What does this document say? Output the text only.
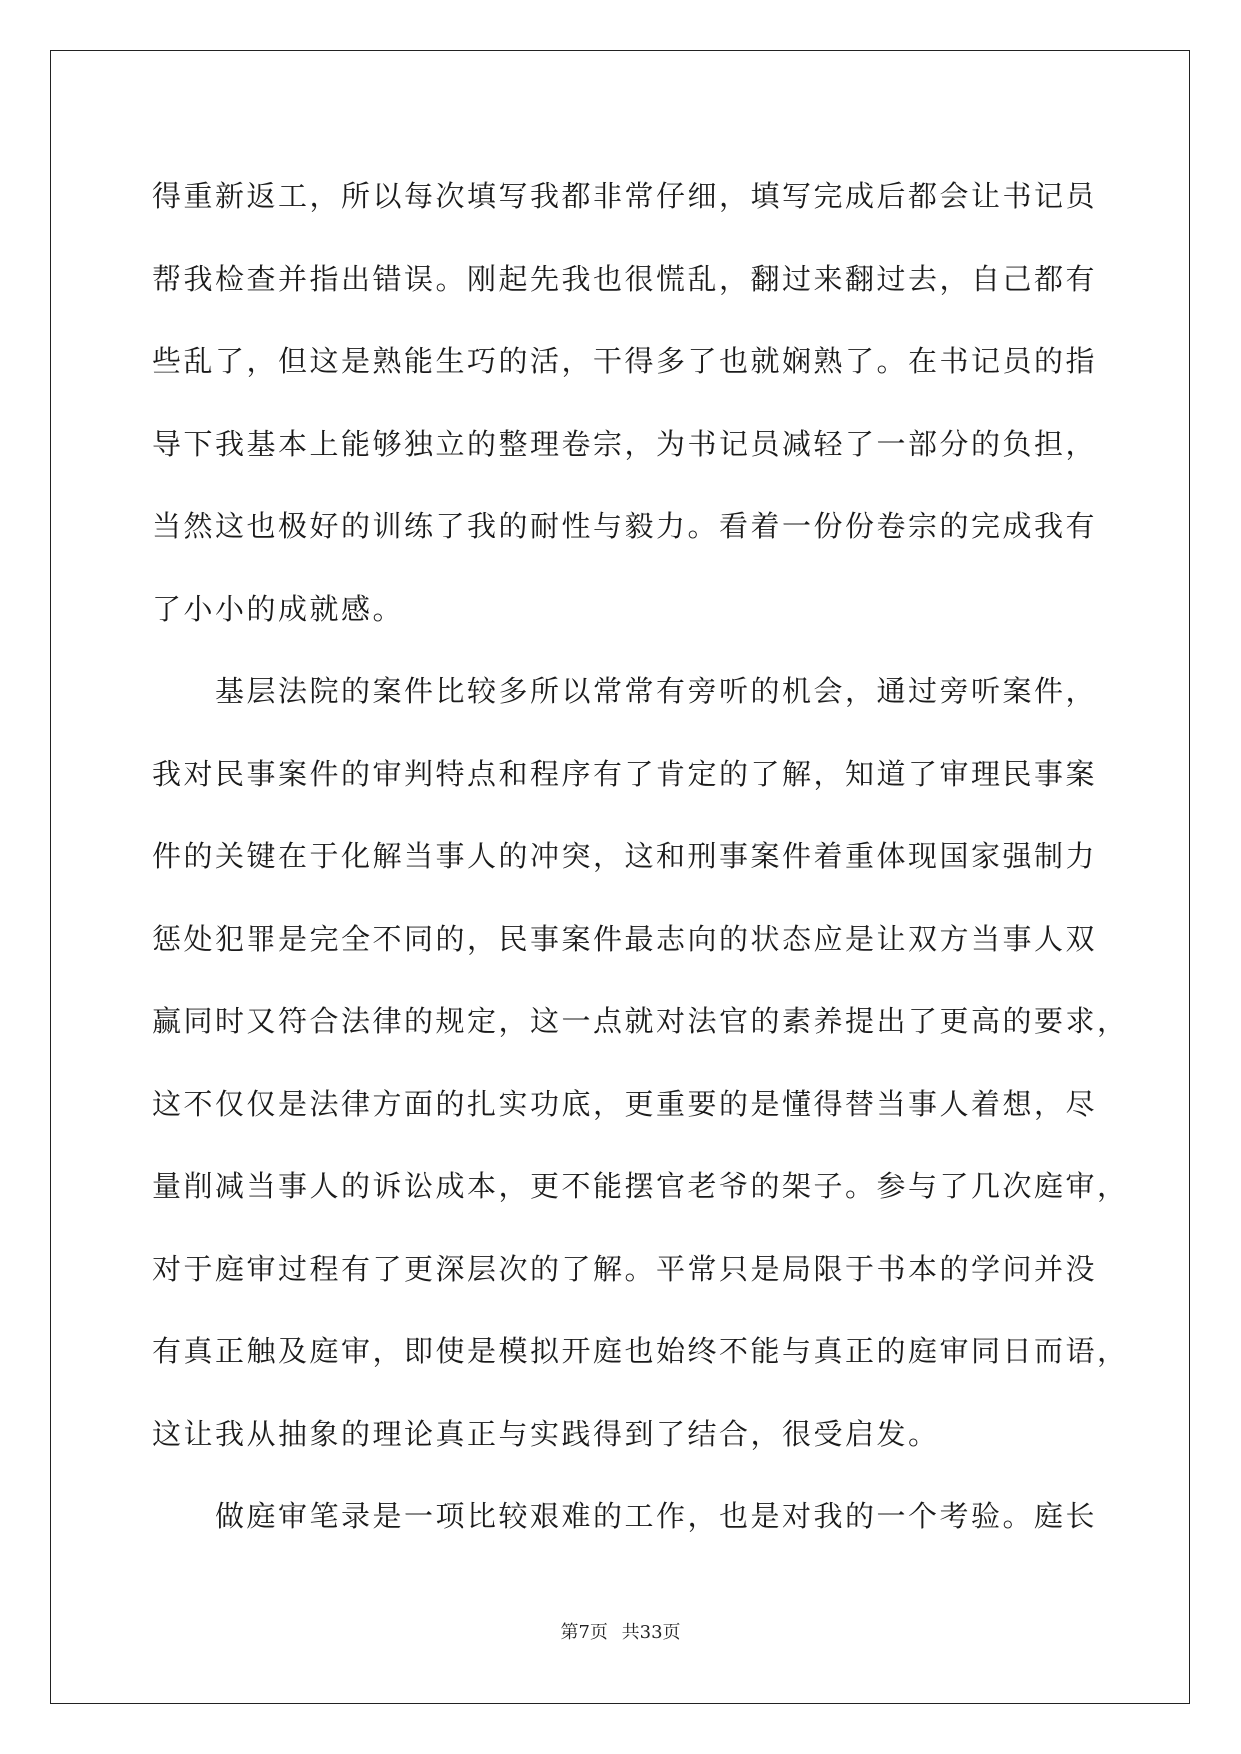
得重新返工，所以每次填写我都非常仔细，填写完成后都会让书记员
帮我检查并指出错误。刚起先我也很慌乱，翻过来翻过去，自己都有
些乱了，但这是熟能生巧的活，干得多了也就娴熟了。在书记员的指
导下我基本上能够独立的整理卷宗，为书记员减轻了一部分的负担，
当然这也极好的训练了我的耐性与毅力。看着一份份卷宗的完成我有
了小小的成就感。

基层法院的案件比较多所以常常有旁听的机会，通过旁听案件，
我对民事案件的审判特点和程序有了肯定的了解，知道了审理民事案
件的关键在于化解当事人的冲突，这和刑事案件着重体现国家强制力
惩处犯罪是完全不同的，民事案件最志向的状态应是让双方当事人双
赢同时又符合法律的规定，这一点就对法官的素养提出了更高的要求，
这不仅仅是法律方面的扎实功底，更重要的是懂得替当事人着想，尽
量削减当事人的诉讼成本，更不能摆官老爷的架子。参与了几次庭审，
对于庭审过程有了更深层次的了解。平常只是局限于书本的学问并没
有真正触及庭审，即使是模拟开庭也始终不能与真正的庭审同日而语，
这让我从抽象的理论真正与实践得到了结合，很受启发。

做庭审笔录是一项比较艰难的工作，也是对我的一个考验。庭长

第7页 共33页
